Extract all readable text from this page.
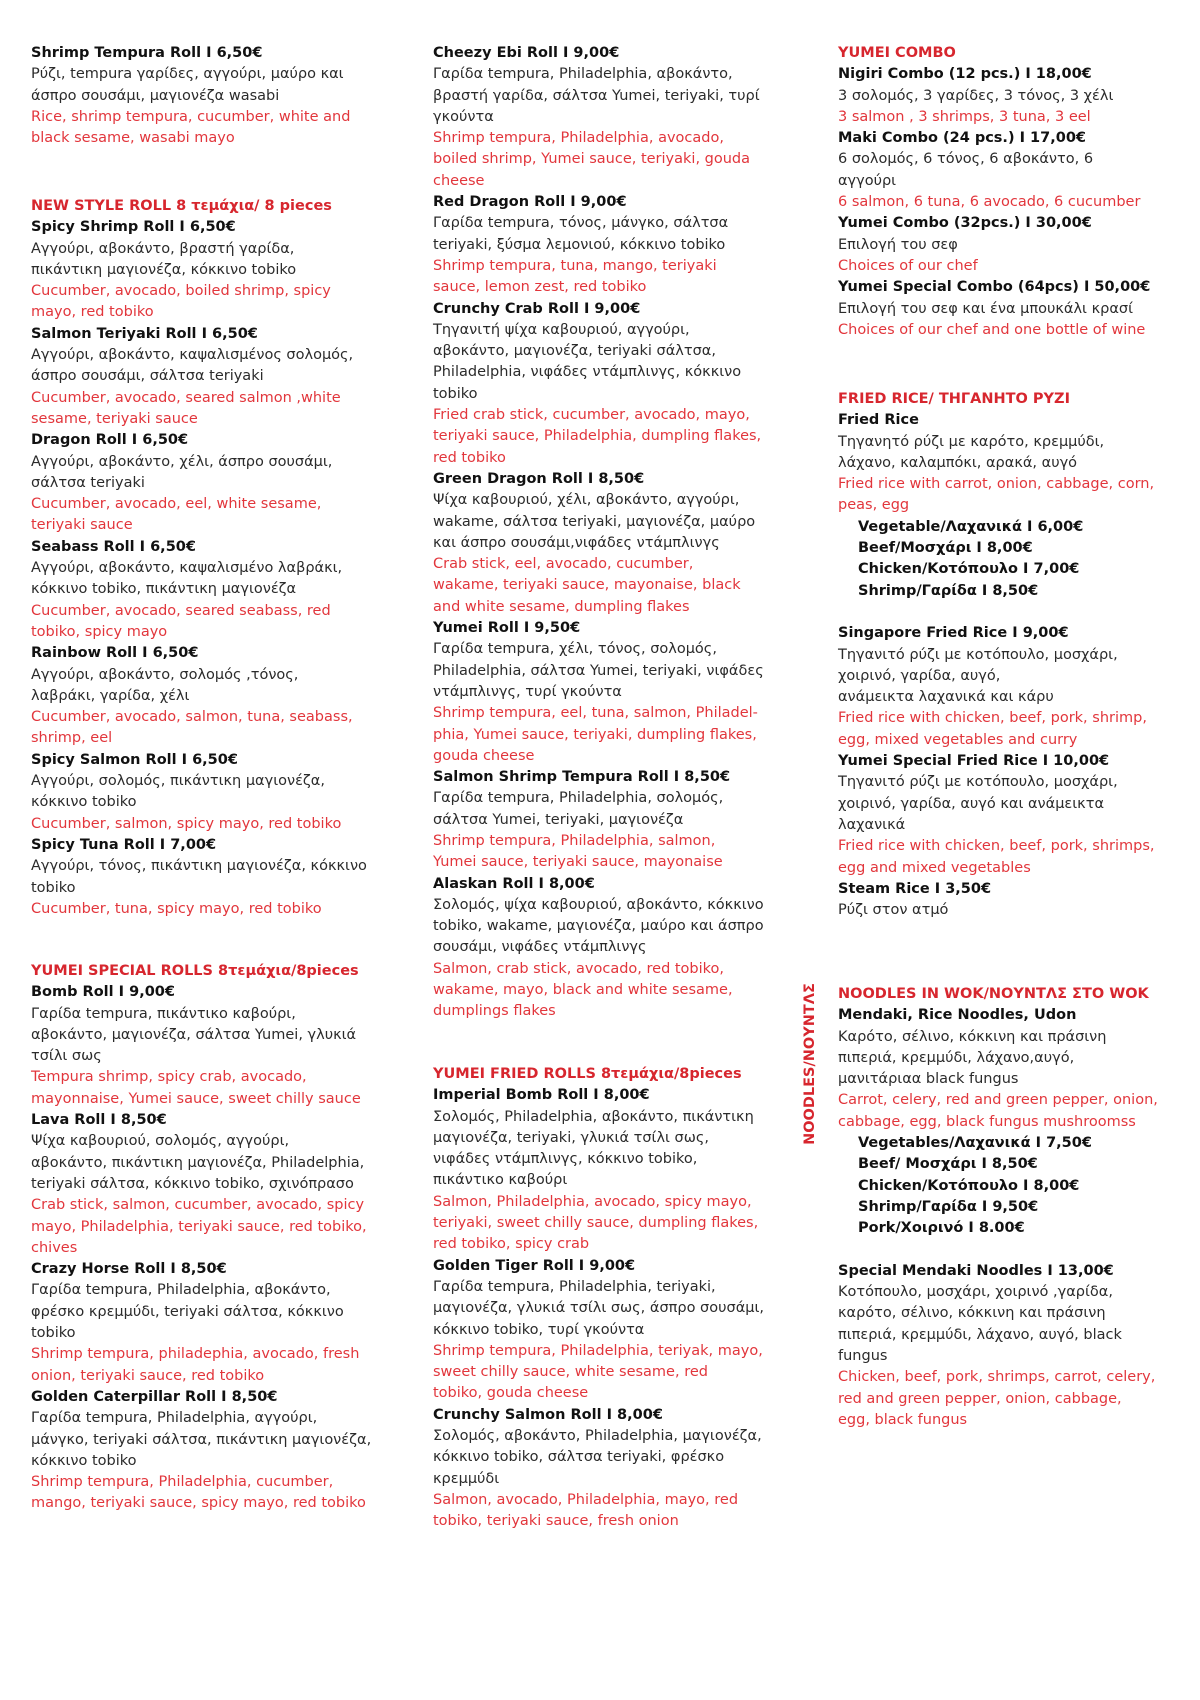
Shrimp Tempura Roll I 6,50€
Ρύζι, tempura γαρίδες, αγγούρι, μαύρο και
άσπρο σουσάμι, μαγιονέζα wasabi
Rice, shrimp tempura, cucumber, white and
black sesame, wasabi mayo
NEW STYLE ROLL 8 τεμάχια/ 8 pieces
Spicy Shrimp Roll I 6,50€
Αγγούρι, αβοκάντο, βραστή γαρίδα,
πικάντικη μαγιονέζα, κόκκινο tobiko
Cucumber, avocado, boiled shrimp, spicy
mayo, red tobiko
Salmon Teriyaki Roll I 6,50€
Αγγούρι, αβοκάντο, καψαλισμένος σολομός,
άσπρο σουσάμι, σάλτσα teriyaki
Cucumber, avocado, seared salmon ,white
sesame, teriyaki sauce
Dragon Roll I 6,50€
Αγγούρι, αβοκάντο, χέλι, άσπρο σουσάμι,
σάλτσα teriyaki
Cucumber, avocado, eel, white sesame,
teriyaki sauce
Seabass Roll I 6,50€
Αγγούρι, αβοκάντο, καψαλισμένο λαβράκι,
κόκκινο tobiko, πικάντικη μαγιονέζα
Cucumber, avocado, seared seabass, red
tobiko, spicy mayo
Rainbow Roll I 6,50€
Αγγούρι, αβοκάντο, σολομός ,τόνος,
λαβράκι, γαρίδα, χέλι
Cucumber, avocado, salmon, tuna, seabass,
shrimp, eel
Spicy Salmon Roll I 6,50€
Αγγούρι, σολομός, πικάντικη μαγιονέζα,
κόκκινο tobiko
Cucumber, salmon, spicy mayo, red tobiko
Spicy Tuna Roll I 7,00€
Αγγούρι, τόνος, πικάντικη μαγιονέζα, κόκκινο
tobiko
Cucumber, tuna, spicy mayo, red tobiko
YUMEI SPECIAL ROLLS 8τεμάχια/8pieces
Bomb Roll I 9,00€
Γαρίδα tempura, πικάντικο καβούρι,
αβοκάντο, μαγιονέζα, σάλτσα Yumei, γλυκιά
τσίλι σως
Tempura shrimp, spicy crab, avocado,
mayonnaise, Yumei sauce, sweet chilly sauce
Lava Roll I 8,50€
Ψίχα καβουριού, σολομός, αγγούρι,
αβοκάντο, πικάντικη μαγιονέζα, Philadelphia,
teriyaki σάλτσα, κόκκινο tobiko, σχινόπρασο
Crab stick, salmon, cucumber, avocado, spicy
mayo, Philadelphia, teriyaki sauce, red tobiko,
chives
Crazy Horse Roll I 8,50€
Γαρίδα tempura, Philadelphia, αβοκάντο,
φρέσκο κρεμμύδι, teriyaki σάλτσα, κόκκινο
tobiko
Shrimp tempura, philadephia, avocado, fresh
onion, teriyaki sauce, red tobiko
Golden Caterpillar Roll I 8,50€
Γαρίδα tempura, Philadelphia, αγγούρι,
μάνγκο, teriyaki σάλτσα, πικάντικη μαγιονέζα,
κόκκινο tobiko
Shrimp tempura, Philadelphia, cucumber,
mango, teriyaki sauce, spicy mayo, red tobiko
Cheezy Ebi Roll I 9,00€
Γαρίδα tempura, Philadelphia, αβοκάντο,
βραστή γαρίδα, σάλτσα Yumei, teriyaki, τυρί
γκούντα
Shrimp tempura, Philadelphia, avocado,
boiled shrimp, Yumei sauce, teriyaki, gouda
cheese
Red Dragon Roll I 9,00€
Γαρίδα tempura, τόνος, μάνγκο, σάλτσα
teriyaki, ξύσμα λεμονιού, κόκκινο tobiko
Shrimp tempura, tuna, mango, teriyaki
sauce, lemon zest, red tobiko
Crunchy Crab Roll I 9,00€
Τηγανιτή ψίχα καβουριού, αγγούρι,
αβοκάντο, μαγιονέζα, teriyaki σάλτσα,
Philadelphia, νιφάδες ντάμπλινγς, κόκκινο
tobiko
Fried crab stick, cucumber, avocado, mayo,
teriyaki sauce, Philadelphia, dumpling flakes,
red tobiko
Green Dragon Roll I 8,50€
Ψίχα καβουριού, χέλι, αβοκάντο, αγγούρι,
wakame, σάλτσα teriyaki, μαγιονέζα, μαύρο
και άσπρο σουσάμι,νιφάδες ντάμπλινγς
Crab stick, eel, avocado, cucumber,
wakame, teriyaki sauce, mayonaise, black
and white sesame, dumpling flakes
Yumei Roll I 9,50€
Γαρίδα tempura, χέλι, τόνος, σολομός,
Philadelphia, σάλτσα Yumei, teriyaki, νιφάδες
ντάμπλινγς, τυρί γκούντα
Shrimp tempura, eel, tuna, salmon, Philadel-
phia, Yumei sauce, teriyaki, dumpling flakes,
gouda cheese
Salmon Shrimp Tempura Roll I 8,50€
Γαρίδα tempura, Philadelphia, σολομός,
σάλτσα Yumei, teriyaki, μαγιονέζα
Shrimp tempura, Philadelphia, salmon,
Yumei sauce, teriyaki sauce, mayonaise
Alaskan Roll I 8,00€
Σολομός, ψίχα καβουριού, αβοκάντο, κόκκινο
tobiko, wakame, μαγιονέζα, μαύρο και άσπρο
σουσάμι, νιφάδες ντάμπλινγς
Salmon, crab stick, avocado, red tobiko,
wakame, mayo, black and white sesame,
dumplings flakes
YUMEI FRIED ROLLS 8τεμάχια/8pieces
Imperial Bomb Roll I 8,00€
Σολομός, Philadelphia, αβοκάντο, πικάντικη
μαγιονέζα, teriyaki, γλυκιά τσίλι σως,
νιφάδες ντάμπλινγς, κόκκινο tobiko,
πικάντικο καβούρι
Salmon, Philadelphia, avocado, spicy mayo,
teriyaki, sweet chilly sauce, dumpling flakes,
red tobiko, spicy crab
Golden Tiger Roll I 9,00€
Γαρίδα tempura, Philadelphia, teriyaki,
μαγιονέζα, γλυκιά τσίλι σως, άσπρο σουσάμι,
κόκκινο tobiko, τυρί γκούντα
Shrimp tempura, Philadelphia, teriyak, mayo,
sweet chilly sauce, white sesame, red
tobiko, gouda cheese
Crunchy Salmon Roll I 8,00€
Σολομός, αβοκάντο, Philadelphia, μαγιονέζα,
κόκκινο tobiko, σάλτσα teriyaki, φρέσκο
κρεμμύδι
Salmon, avocado, Philadelphia, mayo, red
tobiko, teriyaki sauce, fresh onion
YUMEI COMBO
Nigiri Combo (12 pcs.) I 18,00€
3 σολομός, 3 γαρίδες, 3 τόνος, 3 χέλι
3 salmon , 3 shrimps, 3 tuna, 3 eel
Maki Combo (24 pcs.) I 17,00€
6 σολομός, 6 τόνος, 6 αβοκάντο, 6
αγγούρι
6 salmon, 6 tuna, 6 avocado, 6 cucumber
Yumei Combo (32pcs.) I 30,00€
Επιλογή του σεφ
Choices of our chef
Yumei Special Combo (64pcs) I 50,00€
Επιλογή του σεφ και ένα μπουκάλι κρασί
Choices of our chef and one bottle of wine
FRIED RICE/ ΤΗΓΑΝΗΤΟ ΡΥΖΙ
Fried Rice
Τηγανητό ρύζι με καρότο, κρεμμύδι,
λάχανο, καλαμπόκι, αρακά, αυγό
Fried rice with carrot, onion, cabbage, corn,
peas, egg
Vegetable/Λαχανικά I 6,00€
Beef/Μοσχάρι I 8,00€
Chicken/Κοτόπουλο I 7,00€
Shrimp/Γαρίδα I 8,50€

Singapore Fried Rice I 9,00€
Τηγανιτό ρύζι με κοτόπουλο, μοσχάρι,
χοιρινό, γαρίδα, αυγό,
ανάμεικτα λαχανικά και κάρυ
Fried rice with chicken, beef, pork, shrimp,
egg, mixed vegetables and curry
Yumei Special Fried Rice I 10,00€
Τηγανιτό ρύζι με κοτόπουλο, μοσχάρι,
χοιρινό, γαρίδα, αυγό και ανάμεικτα
λαχανικά
Fried rice with chicken, beef, pork, shrimps,
egg and mixed vegetables
Steam Rice I 3,50€
Ρύζι στον ατμό
NOODLES IN WOK/ΝΟΥΝΤΛΣ ΣΤΟ WOK
Mendaki, Rice Noodles, Udon
Καρότο, σέλινο, κόκκινη και πράσινη
πιπεριά, κρεμμύδι, λάχανο,αυγό,
μανιτάριαα black fungus
Carrot, celery, red and green pepper, onion,
cabbage, egg, black fungus mushroomss
Vegetables/Λαχανικά I 7,50€
Beef/ Μοσχάρι I 8,50€
Chicken/Κοτόπουλο I 8,00€
Shrimp/Γαρίδα I 9,50€
Pork/Χοιρινό I 8.00€

Special Mendaki Noodles I 13,00€
Κοτόπουλο, μοσχάρι, χοιρινό ,γαρίδα,
καρότο, σέλινο, κόκκινη και πράσινη
πιπεριά, κρεμμύδι, λάχανο, αυγό, black
fungus
Chicken, beef, pork, shrimps, carrot, celery,
red and green pepper, onion, cabbage,
egg, black fungus
NOODLES/ΝΟΥΝΤΛΣ
